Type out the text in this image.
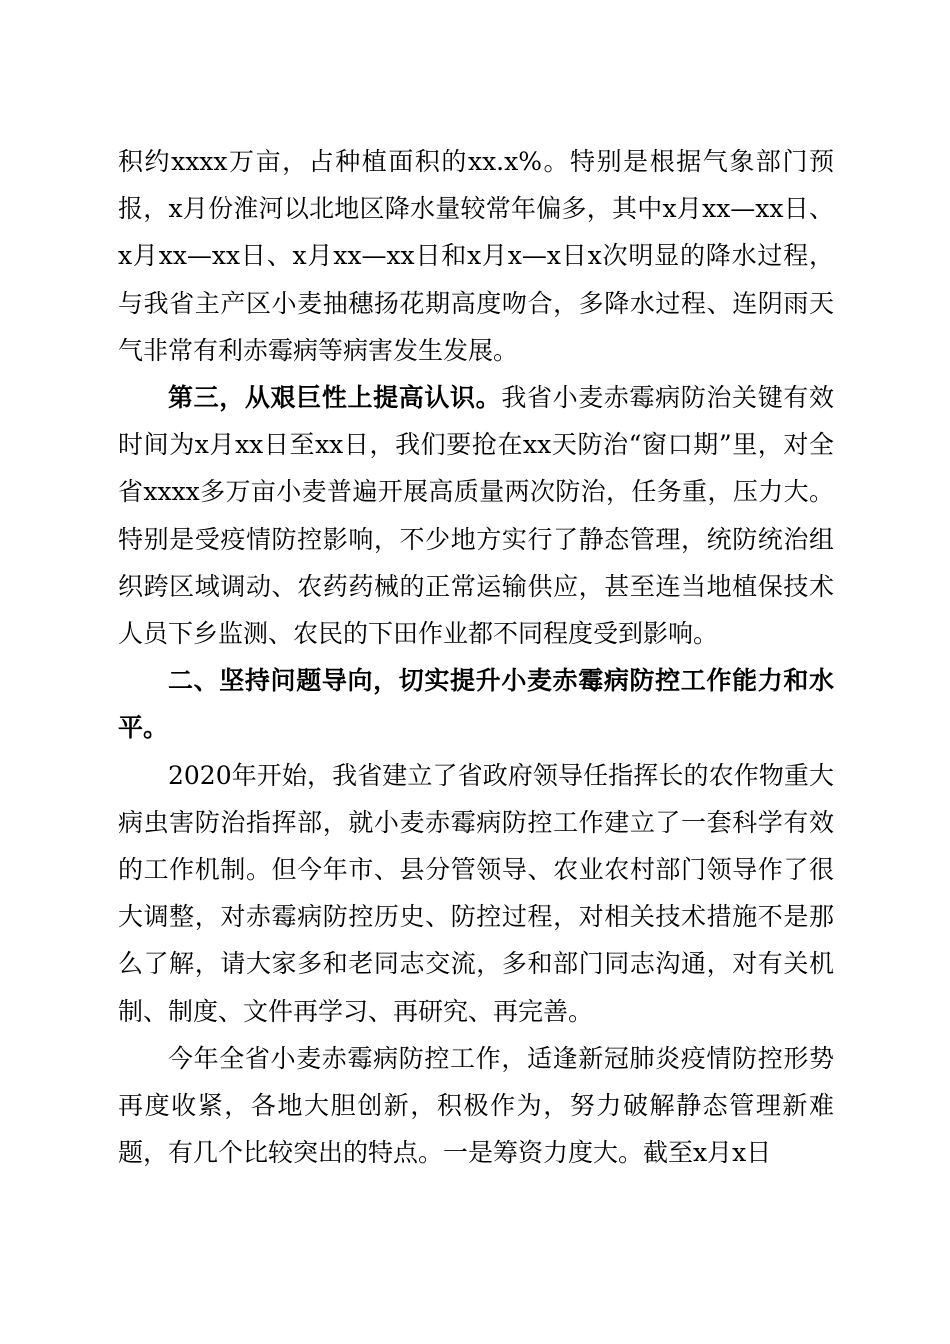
积约xxxx万亩，占种植面积的xx.x%。特别是根据气象部门预报，x月份淮河以北地区降水量较常年偏多，其中x月xx—xx日、x月xx—xx日、x月xx—xx日和x月x—x日x次明显的降水过程，与我省主产区小麦抽穗扬花期高度吻合，多降水过程、连阴雨天气非常有利赤霉病等病害发生发展。

第三，从艰巨性上提高认识。我省小麦赤霉病防治关键有效时间为x月xx日至xx日，我们要抢在xx天防治“窗口期”里，对全省xxxx多万亩小麦普遍开展高质量两次防治，任务重，压力大。特别是受疫情防控影响，不少地方实行了静态管理，统防统治组织跨区域调动、农药药械的正常运输供应，甚至连当地植保技术人员下乡监测、农民的下田作业都不同程度受到影响。

二、坚持问题导向，切实提升小麦赤霉病防控工作能力和水平。

2020年开始，我省建立了省政府领导任指挥长的农作物重大病虫害防治指挥部，就小麦赤霉病防控工作建立了一套科学有效的工作机制。但今年市、县分管领导、农业农村部门领导作了很大调整，对赤霉病防控历史、防控过程，对相关技术措施不是那么了解，请大家多和老同志交流，多和部门同志沟通，对有关机制、制度、文件再学习、再研究、再完善。

今年全省小麦赤霉病防控工作，适逢新冠肺炎疫情防控形势再度收紧，各地大胆创新，积极作为，努力破解静态管理新难题，有几个比较突出的特点。一是筹资力度大。截至x月x日
